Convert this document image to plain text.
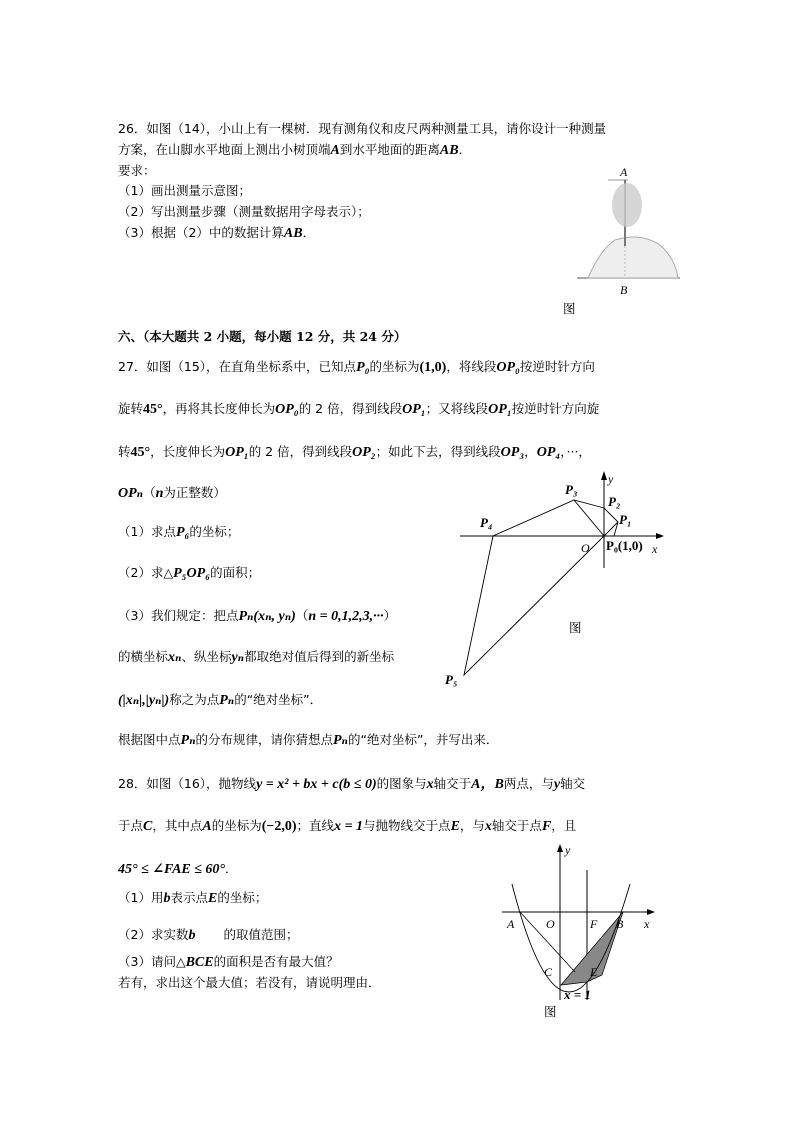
26．如图（14），小山上有一棵树．现有测角仪和皮尺两种测量工具，请你设计一种测量
方案，在山脚水平地面上测出小树顶端A到水平地面的距离AB．
要求：
（1）画出测量示意图；
（2）写出测量步骤（测量数据用字母表示）；
（3）根据（2）中的数据计算AB．
A
B
图
六、（本大题共 2 小题，每小题 12 分，共 24 分）
27．如图（15），在直角坐标系中，已知点P₀的坐标为(1,0)，将线段OP₀按逆时针方向
旋转45°，再将其长度伸长为OP₀的 2 倍，得到线段OP₁；又将线段OP₁按逆时针方向旋
转45°，长度伸长为OP₁的 2 倍，得到线段OP₂；如此下去，得到线段OP₃，OP₄，···，
OPₙ（n为正整数）
（1）求点P₆的坐标；
（2）求△P₅OP₆的面积；
（3）我们规定：把点Pₙ(xₙ, yₙ)（n = 0,1,2,3,···）
的横坐标xₙ、纵坐标yₙ都取绝对值后得到的新坐标
(|xₙ|,|yₙ|)称之为点Pₙ的“绝对坐标”．
根据图中点Pₙ的分布规律，请你猜想点Pₙ的“绝对坐标”，并写出来．
y
x
O P₀(1,0)
P₁
P₂
P₃
P₄
P₅
图
28．如图（16），抛物线y = x² + bx + c(b ≤ 0)的图象与x轴交于A，B两点，与y轴交
于点C，其中点A的坐标为(−2,0)；直线x = 1与抛物线交于点E，与x轴交于点F，且
45° ≤ ∠FAE ≤ 60°．
（1）用b表示点E的坐标；
（2）求实数b 的取值范围；
（3）请问△BCE的面积是否有最大值？
若有，求出这个最大值；若没有，请说明理由．
y
x
A	O	F B
C	E
x = 1
图
